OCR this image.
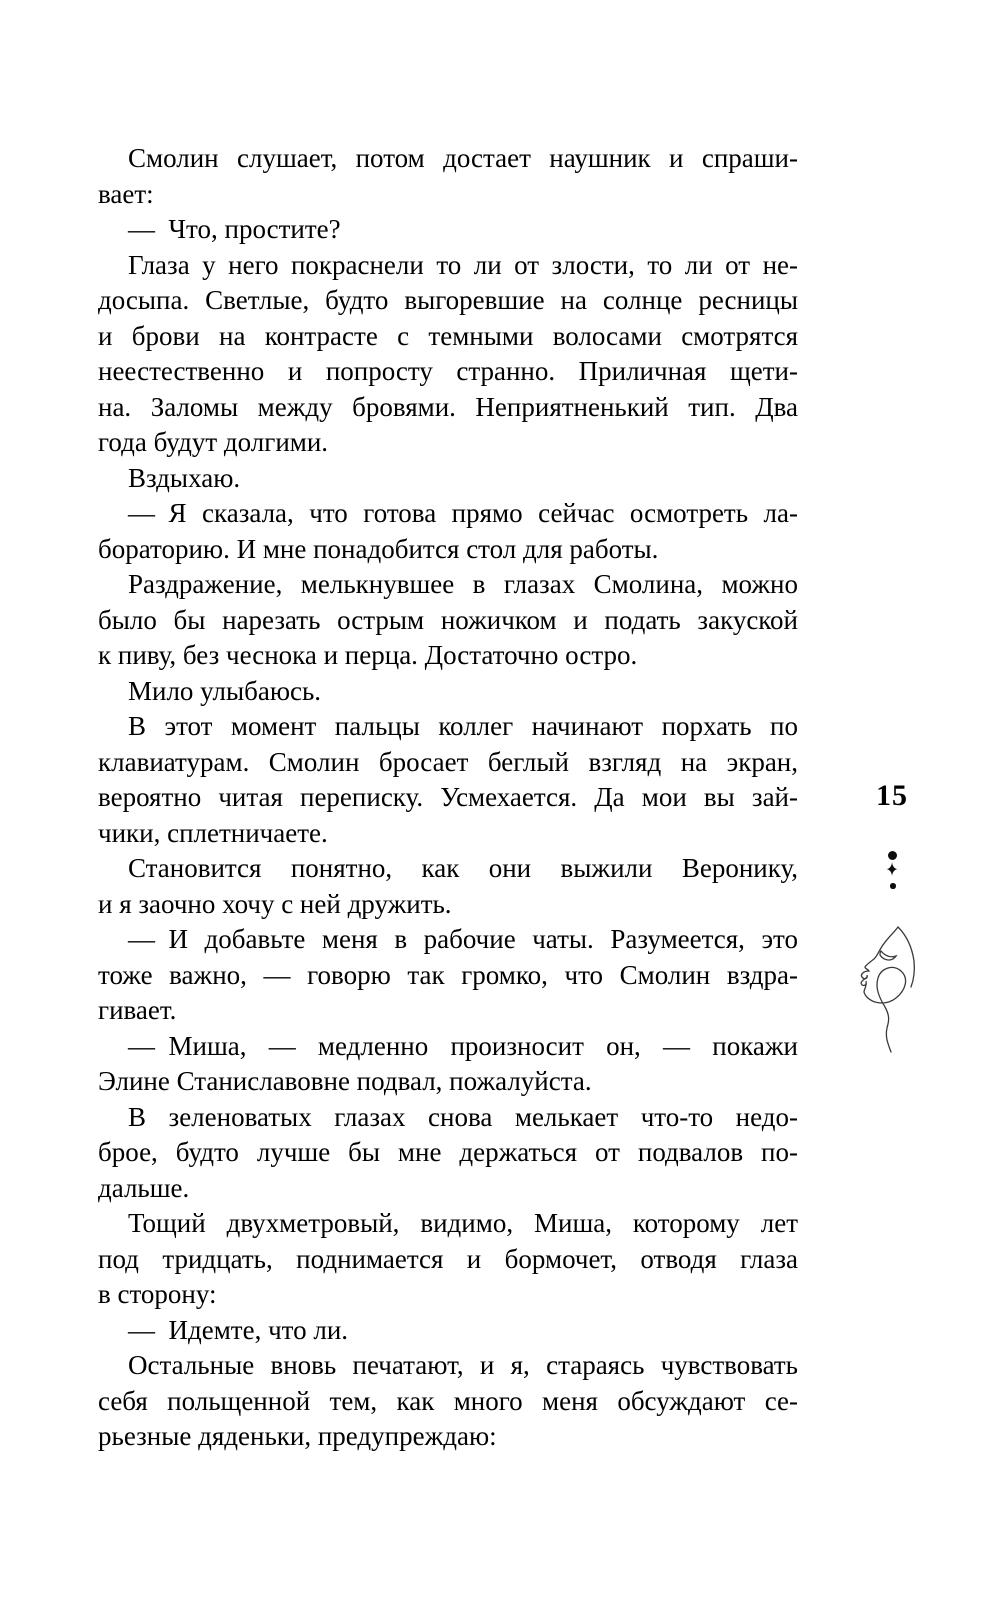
Смолин слушает, потом достает наушник и спраши-
вает:
— Что, простите?
Глаза у него покраснели то ли от злости, то ли от не-
досыпа. Светлые, будто выгоревшие на солнце ресницы
и брови на контрасте с темными волосами смотрятся
неестественно и попросту странно. Приличная щети-
на. Заломы между бровями. Неприятненький тип. Два
года будут долгими.
Вздыхаю.
— Я сказала, что готова прямо сейчас осмотреть ла-
бораторию. И мне понадобится стол для работы.
Раздражение, мелькнувшее в глазах Смолина, можно
было бы нарезать острым ножичком и подать закуской
к пиву, без чеснока и перца. Достаточно остро.
Мило улыбаюсь.
В этот момент пальцы коллег начинают порхать по
клавиатурам. Смолин бросает беглый взгляд на экран,
вероятно читая переписку. Усмехается. Да мои вы зай-
чики, сплетничаете.
Становится понятно, как они выжили Веронику,
и я заочно хочу с ней дружить.
— И добавьте меня в рабочие чаты. Разумеется, это
тоже важно, — говорю так громко, что Смолин вздра-
гивает.
— Миша, — медленно произносит он, — покажи
Элине Станиславовне подвал, пожалуйста.
В зеленоватых глазах снова мелькает что-то недо-
брое, будто лучше бы мне держаться от подвалов по-
дальше.
Тощий двухметровый, видимо, Миша, которому лет
под тридцать, поднимается и бормочет, отводя глаза
в сторону:
— Идемте, что ли.
Остальные вновь печатают, и я, стараясь чувствовать
себя польщенной тем, как много меня обсуждают се-
рьезные дяденьки, предупреждаю:
15
✦
